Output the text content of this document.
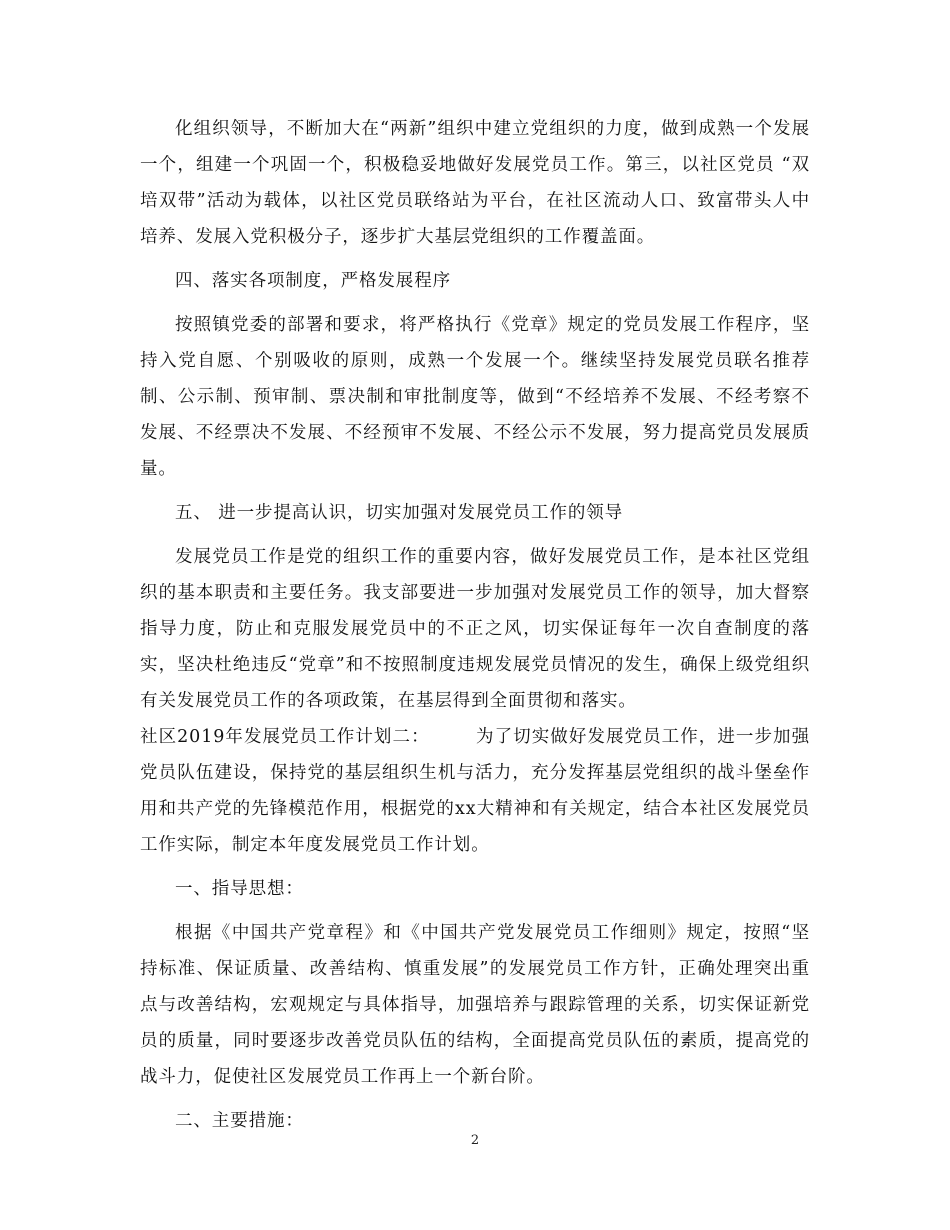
化组织领导，不断加大在“两新”组织中建立党组织的力度，做到成熟一个发展一个，组建一个巩固一个，积极稳妥地做好发展党员工作。第三，以社区党员 “双培双带”活动为载体，以社区党员联络站为平台，在社区流动人口、致富带头人中培养、发展入党积极分子，逐步扩大基层党组织的工作覆盖面。

四、落实各项制度，严格发展程序

按照镇党委的部署和要求，将严格执行《党章》规定的党员发展工作程序，坚持入党自愿、个别吸收的原则，成熟一个发展一个。继续坚持发展党员联名推荐制、公示制、预审制、票决制和审批制度等，做到“不经培养不发展、不经考察不发展、不经票决不发展、不经预审不发展、不经公示不发展，努力提高党员发展质量。

五、 进一步提高认识，切实加强对发展党员工作的领导

发展党员工作是党的组织工作的重要内容，做好发展党员工作，是本社区党组织的基本职责和主要任务。我支部要进一步加强对发展党员工作的领导，加大督察指导力度，防止和克服发展党员中的不正之风，切实保证每年一次自查制度的落实，坚决杜绝违反“党章”和不按照制度违规发展党员情况的发生，确保上级党组织有关发展党员工作的各项政策，在基层得到全面贯彻和落实。

社区2019年发展党员工作计划二：       为了切实做好发展党员工作，进一步加强党员队伍建设，保持党的基层组织生机与活力，充分发挥基层党组织的战斗堡垒作用和共产党的先锋模范作用，根据党的xx大精神和有关规定，结合本社区发展党员工作实际，制定本年度发展党员工作计划。

一、指导思想：

根据《中国共产党章程》和《中国共产党发展党员工作细则》规定，按照“坚持标准、保证质量、改善结构、慎重发展”的发展党员工作方针，正确处理突出重点与改善结构，宏观规定与具体指导，加强培养与跟踪管理的关系，切实保证新党员的质量，同时要逐步改善党员队伍的结构，全面提高党员队伍的素质，提高党的战斗力，促使社区发展党员工作再上一个新台阶。

二、主要措施：

2
